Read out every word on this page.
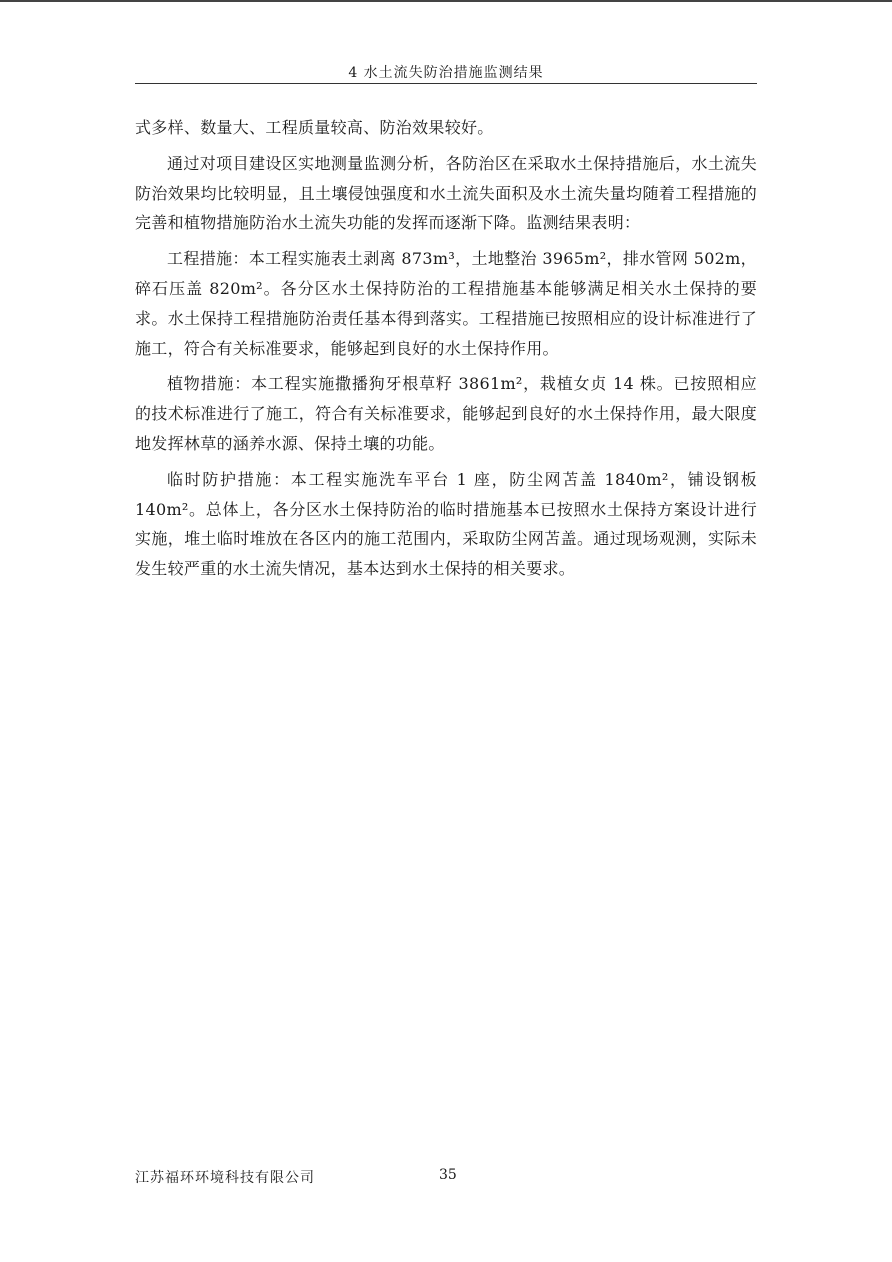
4 水土流失防治措施监测结果

式多样、数量大、工程质量较高、防治效果较好。

通过对项目建设区实地测量监测分析，各防治区在采取水土保持措施后，水土流失防治效果均比较明显，且土壤侵蚀强度和水土流失面积及水土流失量均随着工程措施的完善和植物措施防治水土流失功能的发挥而逐渐下降。监测结果表明：

工程措施：本工程实施表土剥离 873m³，土地整治 3965m²，排水管网 502m，碎石压盖 820m²。各分区水土保持防治的工程措施基本能够满足相关水土保持的要求。水土保持工程措施防治责任基本得到落实。工程措施已按照相应的设计标准进行了施工，符合有关标准要求，能够起到良好的水土保持作用。

植物措施：本工程实施撒播狗牙根草籽 3861m²，栽植女贞 14 株。已按照相应的技术标准进行了施工，符合有关标准要求，能够起到良好的水土保持作用，最大限度地发挥林草的涵养水源、保持土壤的功能。

临时防护措施：本工程实施洗车平台 1 座，防尘网苫盖 1840m²，铺设钢板 140m²。总体上，各分区水土保持防治的临时措施基本已按照水土保持方案设计进行实施，堆土临时堆放在各区内的施工范围内，采取防尘网苫盖。通过现场观测，实际未发生较严重的水土流失情况，基本达到水土保持的相关要求。

江苏福环环境科技有限公司	35
